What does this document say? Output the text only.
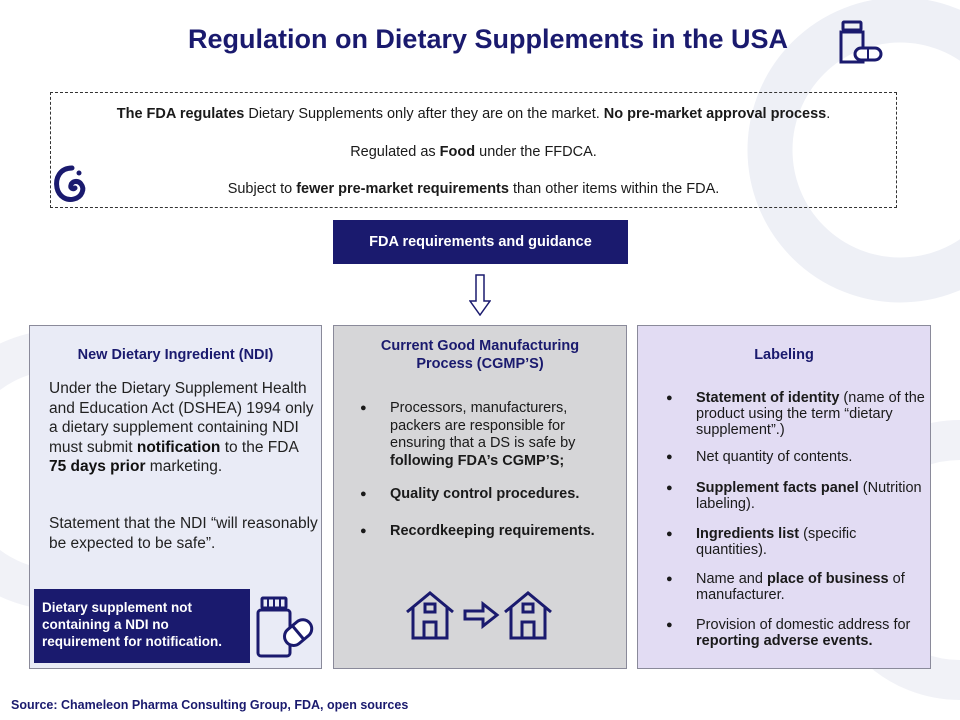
Regulation on Dietary Supplements in the USA

The FDA regulates Dietary Supplements only after they are on the market. No pre-market approval process.

Regulated as Food under the FFDCA.

Subject to fewer pre-market requirements than other items within the FDA.

FDA requirements and guidance
New Dietary Ingredient (NDI)
Under the Dietary Supplement Health and Education Act (DSHEA) 1994 only a dietary supplement containing NDI must submit notification to the FDA 75 days prior marketing.
Statement that the NDI “will reasonably be expected to be safe”.
Dietary supplement not containing a NDI no requirement for notification.
Current Good Manufacturing
Process (CGMP’S)
● Processors, manufacturers, packers are responsible for ensuring that a DS is safe by following FDA’s CGMP’S;
● Quality control procedures.
● Recordkeeping requirements.
Labeling
● Statement of identity (name of the product using the term “dietary supplement”.)
● Net quantity of contents.
● Supplement facts panel (Nutrition labeling).
● Ingredients list (specific quantities).
● Name and place of business of manufacturer.
● Provision of domestic address for reporting adverse events.
Source: Chameleon Pharma Consulting Group, FDA, open sources
